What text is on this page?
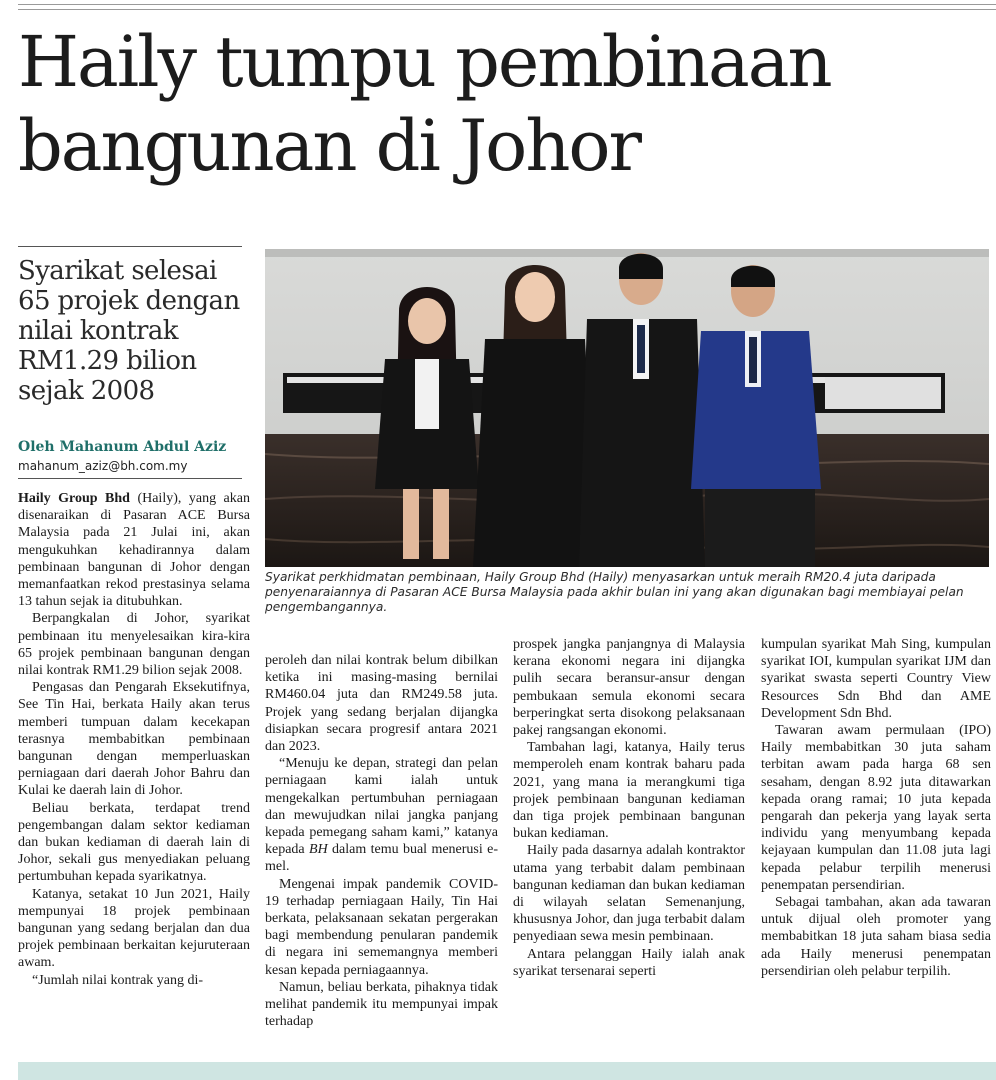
Haily tumpu pembinaan bangunan di Johor
Syarikat selesai 65 projek dengan nilai kontrak RM1.29 bilion sejak 2008
Oleh Mahanum Abdul Aziz
mahanum_aziz@bh.com.my
Syarikat perkhidmatan pembinaan, Haily Group Bhd (Haily) menyasarkan untuk meraih RM20.4 juta daripada penyenaraiannya di Pasaran ACE Bursa Malaysia pada akhir bulan ini yang akan digunakan bagi membiayai pelan pengembangannya.

Haily Group Bhd (Haily), yang akan disenaraikan di Pasaran ACE Bursa Malaysia pada 21 Julai ini, akan mengukuhkan kehadirannya dalam pembinaan bangunan di Johor dengan memanfaatkan rekod prestasinya selama 13 tahun sejak ia ditubuhkan.

Berpangkalan di Johor, syarikat pembinaan itu menyelesaikan kira-kira 65 projek pembinaan bangunan dengan nilai kontrak RM1.29 bilion sejak 2008.

Pengasas dan Pengarah Eksekutifnya, See Tin Hai, berkata Haily akan terus memberi tumpuan dalam kecekapan terasnya membabitkan pembinaan bangunan dengan memperluaskan perniagaan dari daerah Johor Bahru dan Kulai ke daerah lain di Johor.

Beliau berkata, terdapat trend pengembangan dalam sektor kediaman dan bukan kediaman di daerah lain di Johor, sekali gus menyediakan peluang pertumbuhan kepada syarikatnya.

Katanya, setakat 10 Jun 2021, Haily mempunyai 18 projek pembinaan bangunan yang sedang berjalan dan dua projek pembinaan berkaitan kejuruteraan awam.

“Jumlah nilai kontrak yang di-

peroleh dan nilai kontrak belum dibilkan ketika ini masing-masing bernilai RM460.04 juta dan RM249.58 juta. Projek yang sedang berjalan dijangka disiapkan secara progresif antara 2021 dan 2023.

“Menuju ke depan, strategi dan pelan perniagaan kami ialah untuk mengekalkan pertumbuhan perniagaan dan mewujudkan nilai jangka panjang kepada pemegang saham kami,” katanya kepada BH dalam temu bual menerusi e-mel.

Mengenai impak pandemik COVID-19 terhadap perniagaan Haily, Tin Hai berkata, pelaksanaan sekatan pergerakan bagi membendung penularan pandemik di negara ini sememangnya memberi kesan kepada perniagaannya.

Namun, beliau berkata, pihaknya tidak melihat pandemik itu mempunyai impak terhadap

prospek jangka panjangnya di Malaysia kerana ekonomi negara ini dijangka pulih secara beransur-ansur dengan pembukaan semula ekonomi secara berperingkat serta disokong pelaksanaan pakej rangsangan ekonomi.

Tambahan lagi, katanya, Haily terus memperoleh enam kontrak baharu pada 2021, yang mana ia merangkumi tiga projek pembinaan bangunan kediaman dan tiga projek pembinaan bangunan bukan kediaman.

Haily pada dasarnya adalah kontraktor utama yang terbabit dalam pembinaan bangunan kediaman dan bukan kediaman di wilayah selatan Semenanjung, khususnya Johor, dan juga terbabit dalam penyediaan sewa mesin pembinaan.

Antara pelanggan Haily ialah anak syarikat tersenarai seperti

kumpulan syarikat Mah Sing, kumpulan syarikat IOI, kumpulan syarikat IJM dan syarikat swasta seperti Country View Resources Sdn Bhd dan AME Development Sdn Bhd.

Tawaran awam permulaan (IPO) Haily membabitkan 30 juta saham terbitan awam pada harga 68 sen sesaham, dengan 8.92 juta ditawarkan kepada orang ramai; 10 juta kepada pengarah dan pekerja yang layak serta individu yang menyumbang kepada kejayaan kumpulan dan 11.08 juta lagi kepada pelabur terpilih menerusi penempatan persendirian.

Sebagai tambahan, akan ada tawaran untuk dijual oleh promoter yang membabitkan 18 juta saham biasa sedia ada Haily menerusi penempatan persendirian oleh pelabur terpilih.
